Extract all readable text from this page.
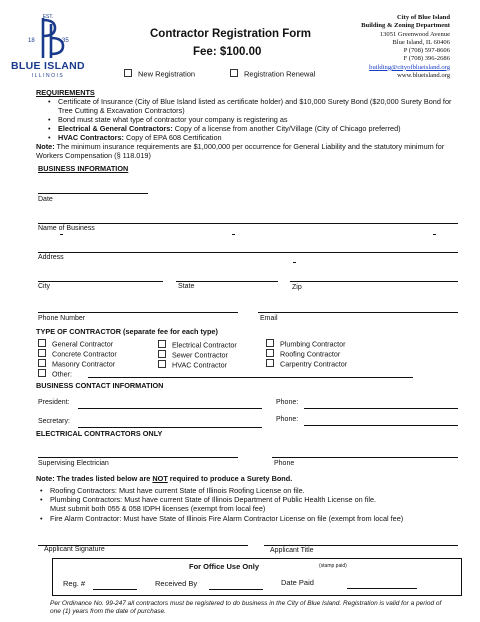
EST.
18	35
BLUE ISLAND
ILLINOIS
Contractor Registration Form
Fee: $100.00
City of Blue Island
Building & Zoning Department
13051 Greenwood Avenue
Blue Island, IL 60406
P (708) 597-8606
F (708) 396-2686
building@cityofblueisland.org
www.blueisland.org
New Registration	Registration Renewal
REQUIREMENTS
• Certificate of Insurance (City of Blue Island listed as certificate holder) and $10,000 Surety Bond ($20,000 Surety Bond for Tree Cutting & Excavation Contractors)
• Bond must state what type of contractor your company is registering as
• Electrical & General Contractors: Copy of a license from another City/Village (City of Chicago preferred)
• HVAC Contractors: Copy of EPA 608 Certification
Note: The minimum insurance requirements are $1,000,000 per occurrence for General Liability and the statutory minimum for Workers Compensation (§ 118.019)
BUSINESS INFORMATION
Date
Name of Business
Address
City	State	Zip
Phone Number	Email
TYPE OF CONTRACTOR (separate fee for each type)
General Contractor
Concrete Contractor
Masonry Contractor
Other:
Electrical Contractor
Sewer Contractor
HVAC Contractor
Plumbing Contractor
Roofing Contractor
Carpentry Contractor
BUSINESS CONTACT INFORMATION
President:	Phone:
Secretary:	Phone:
ELECTRICAL CONTRACTORS ONLY
Supervising Electrician	Phone
Note: The trades listed below are NOT required to produce a Surety Bond.
• Roofing Contractors: Must have current State of Illinois Roofing License on file.
• Plumbing Contractors: Must have current State of Illinois Department of Public Health License on file.
Must submit both 055 & 058 IDPH licenses (exempt from local fee)
• Fire Alarm Contractor: Must have State of Illinois Fire Alarm Contractor License on file (exempt from local fee)
Applicant Signature	Applicant Title
For Office Use Only	(stamp paid)
Reg. #	Received By	Date Paid
Per Ordinance No. 99-247 all contractors must be registered to do business in the City of Blue Island. Registration is valid for a period of one (1) years from the date of purchase.
